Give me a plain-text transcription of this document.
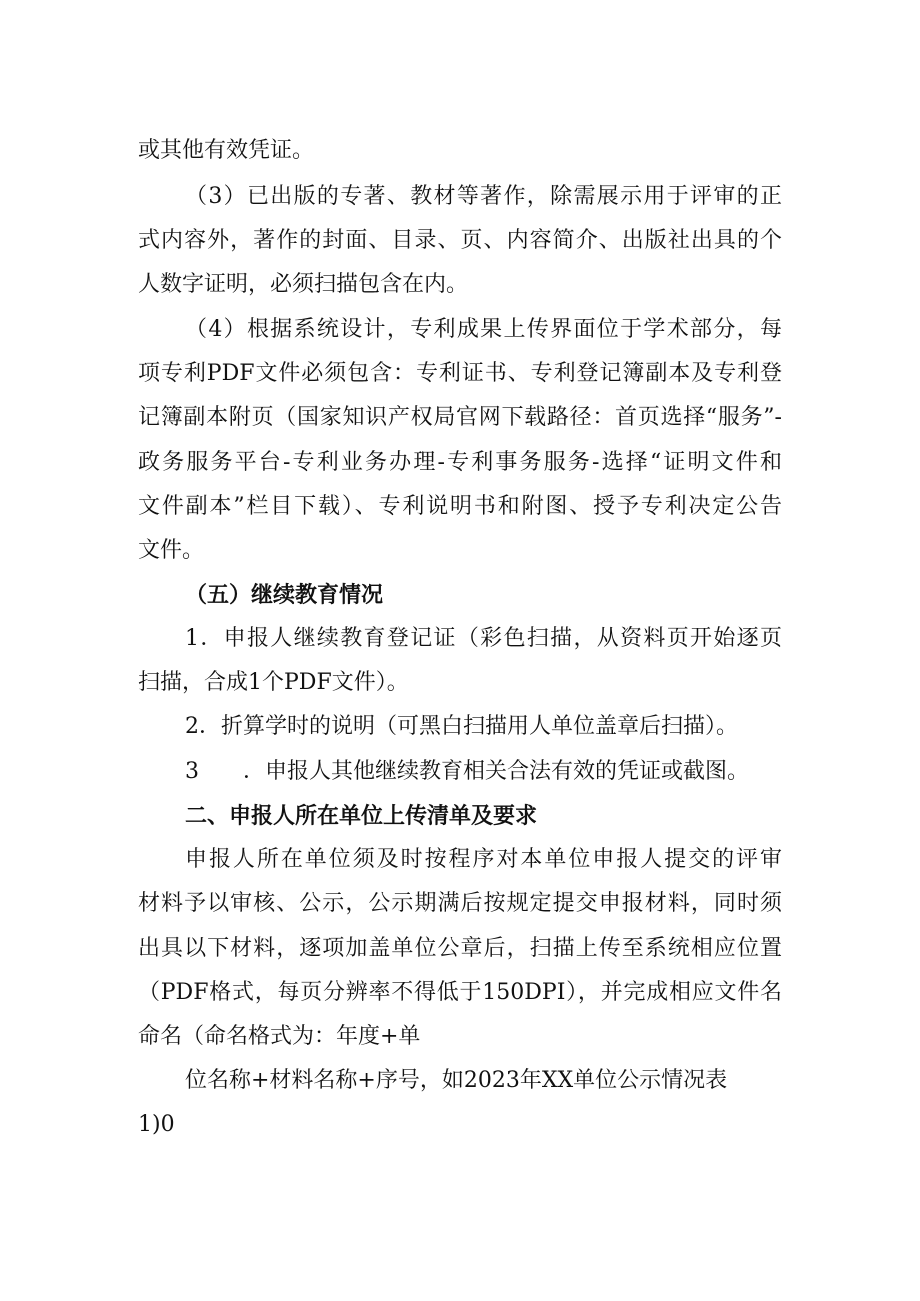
或其他有效凭证。

（3）已出版的专著、教材等著作，除需展示用于评审的正

式内容外，著作的封面、目录、页、内容简介、出版社出具的个

人数字证明，必须扫描包含在内。

（4）根据系统设计，专利成果上传界面位于学术部分，每

项专利PDF文件必须包含：专利证书、专利登记簿副本及专利登

记簿副本附页（国家知识产权局官网下载路径：首页选择“服务”-

政务服务平台-专利业务办理-专利事务服务-选择“证明文件和

文件副本”栏目下载）、专利说明书和附图、授予专利决定公告

文件。

（五）继续教育情况

1．申报人继续教育登记证（彩色扫描，从资料页开始逐页

扫描，合成1个PDF文件）。

2．折算学时的说明（可黑白扫描用人单位盖章后扫描）。

3　　．申报人其他继续教育相关合法有效的凭证或截图。

二、申报人所在单位上传清单及要求

申报人所在单位须及时按程序对本单位申报人提交的评审

材料予以审核、公示，公示期满后按规定提交申报材料，同时须

出具以下材料，逐项加盖单位公章后，扫描上传至系统相应位置

（PDF格式，每页分辨率不得低于150DPI），并完成相应文件名

命名（命名格式为：年度+单

位名称+材料名称+序号，如2023年XX单位公示情况表

1)0
